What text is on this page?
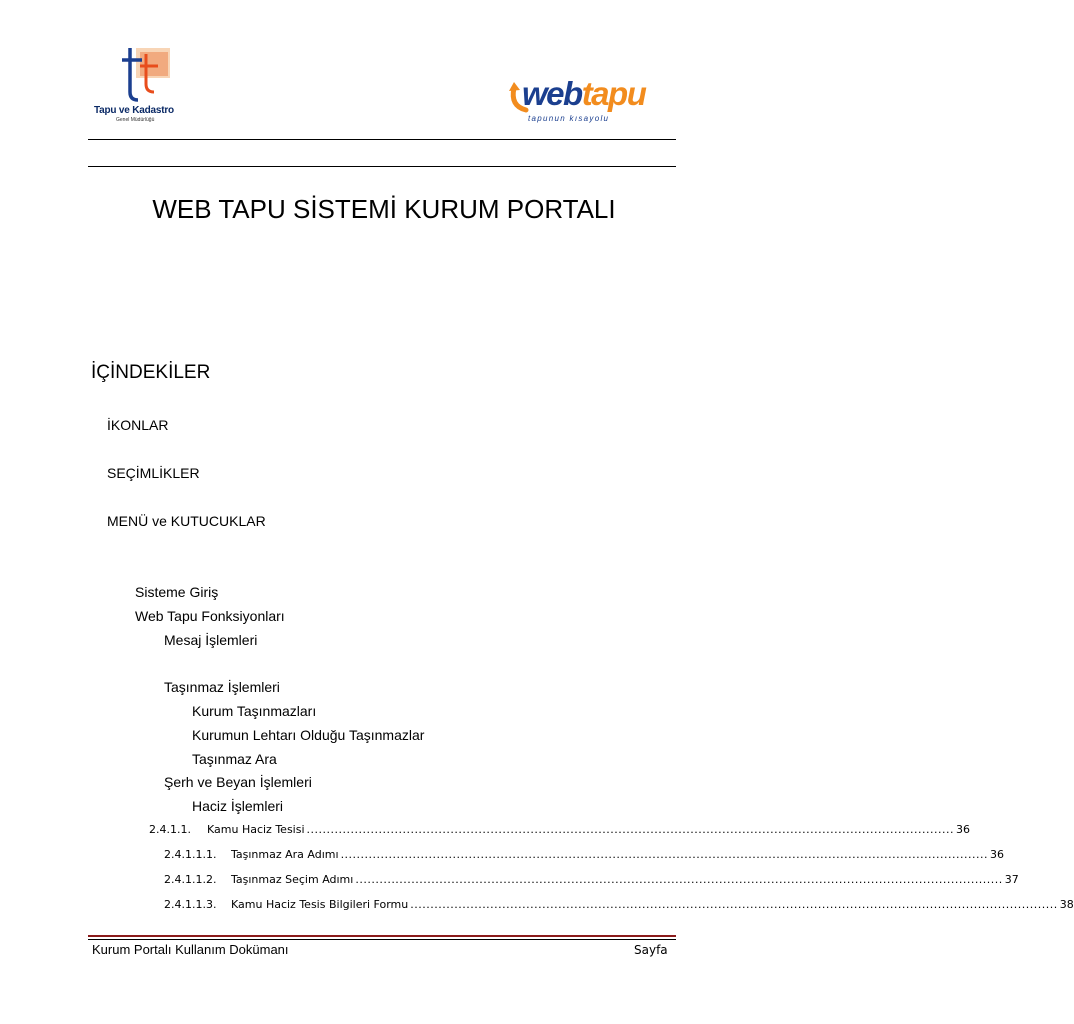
Tapu ve Kadastro
Genel Müdürlüğü
webtapu
tapunun kısayolu
WEB TAPU SİSTEMİ KURUM PORTALI
İÇİNDEKİLER
İKONLAR
SEÇİMLİKLER
MENÜ ve KUTUCUKLAR
Sisteme Giriş
Web Tapu Fonksiyonları
Mesaj İşlemleri
Taşınmaz İşlemleri
Kurum Taşınmazları
Kurumun Lehtarı Olduğu Taşınmazlar
Taşınmaz Ara
Şerh ve Beyan İşlemleri
Haciz İşlemleri
2.4.1.1.	Kamu Haciz Tesisi .................................................................................................................................................................. 36
2.4.1.1.1.	Taşınmaz Ara Adımı .................................................................................................................................................................. 36
2.4.1.1.2.	Taşınmaz Seçim Adımı .................................................................................................................................................................. 37
2.4.1.1.3.	Kamu Haciz Tesis Bilgileri Formu .................................................................................................................................................................. 38
Kurum Portalı Kullanım Dokümanı	Sayfa
